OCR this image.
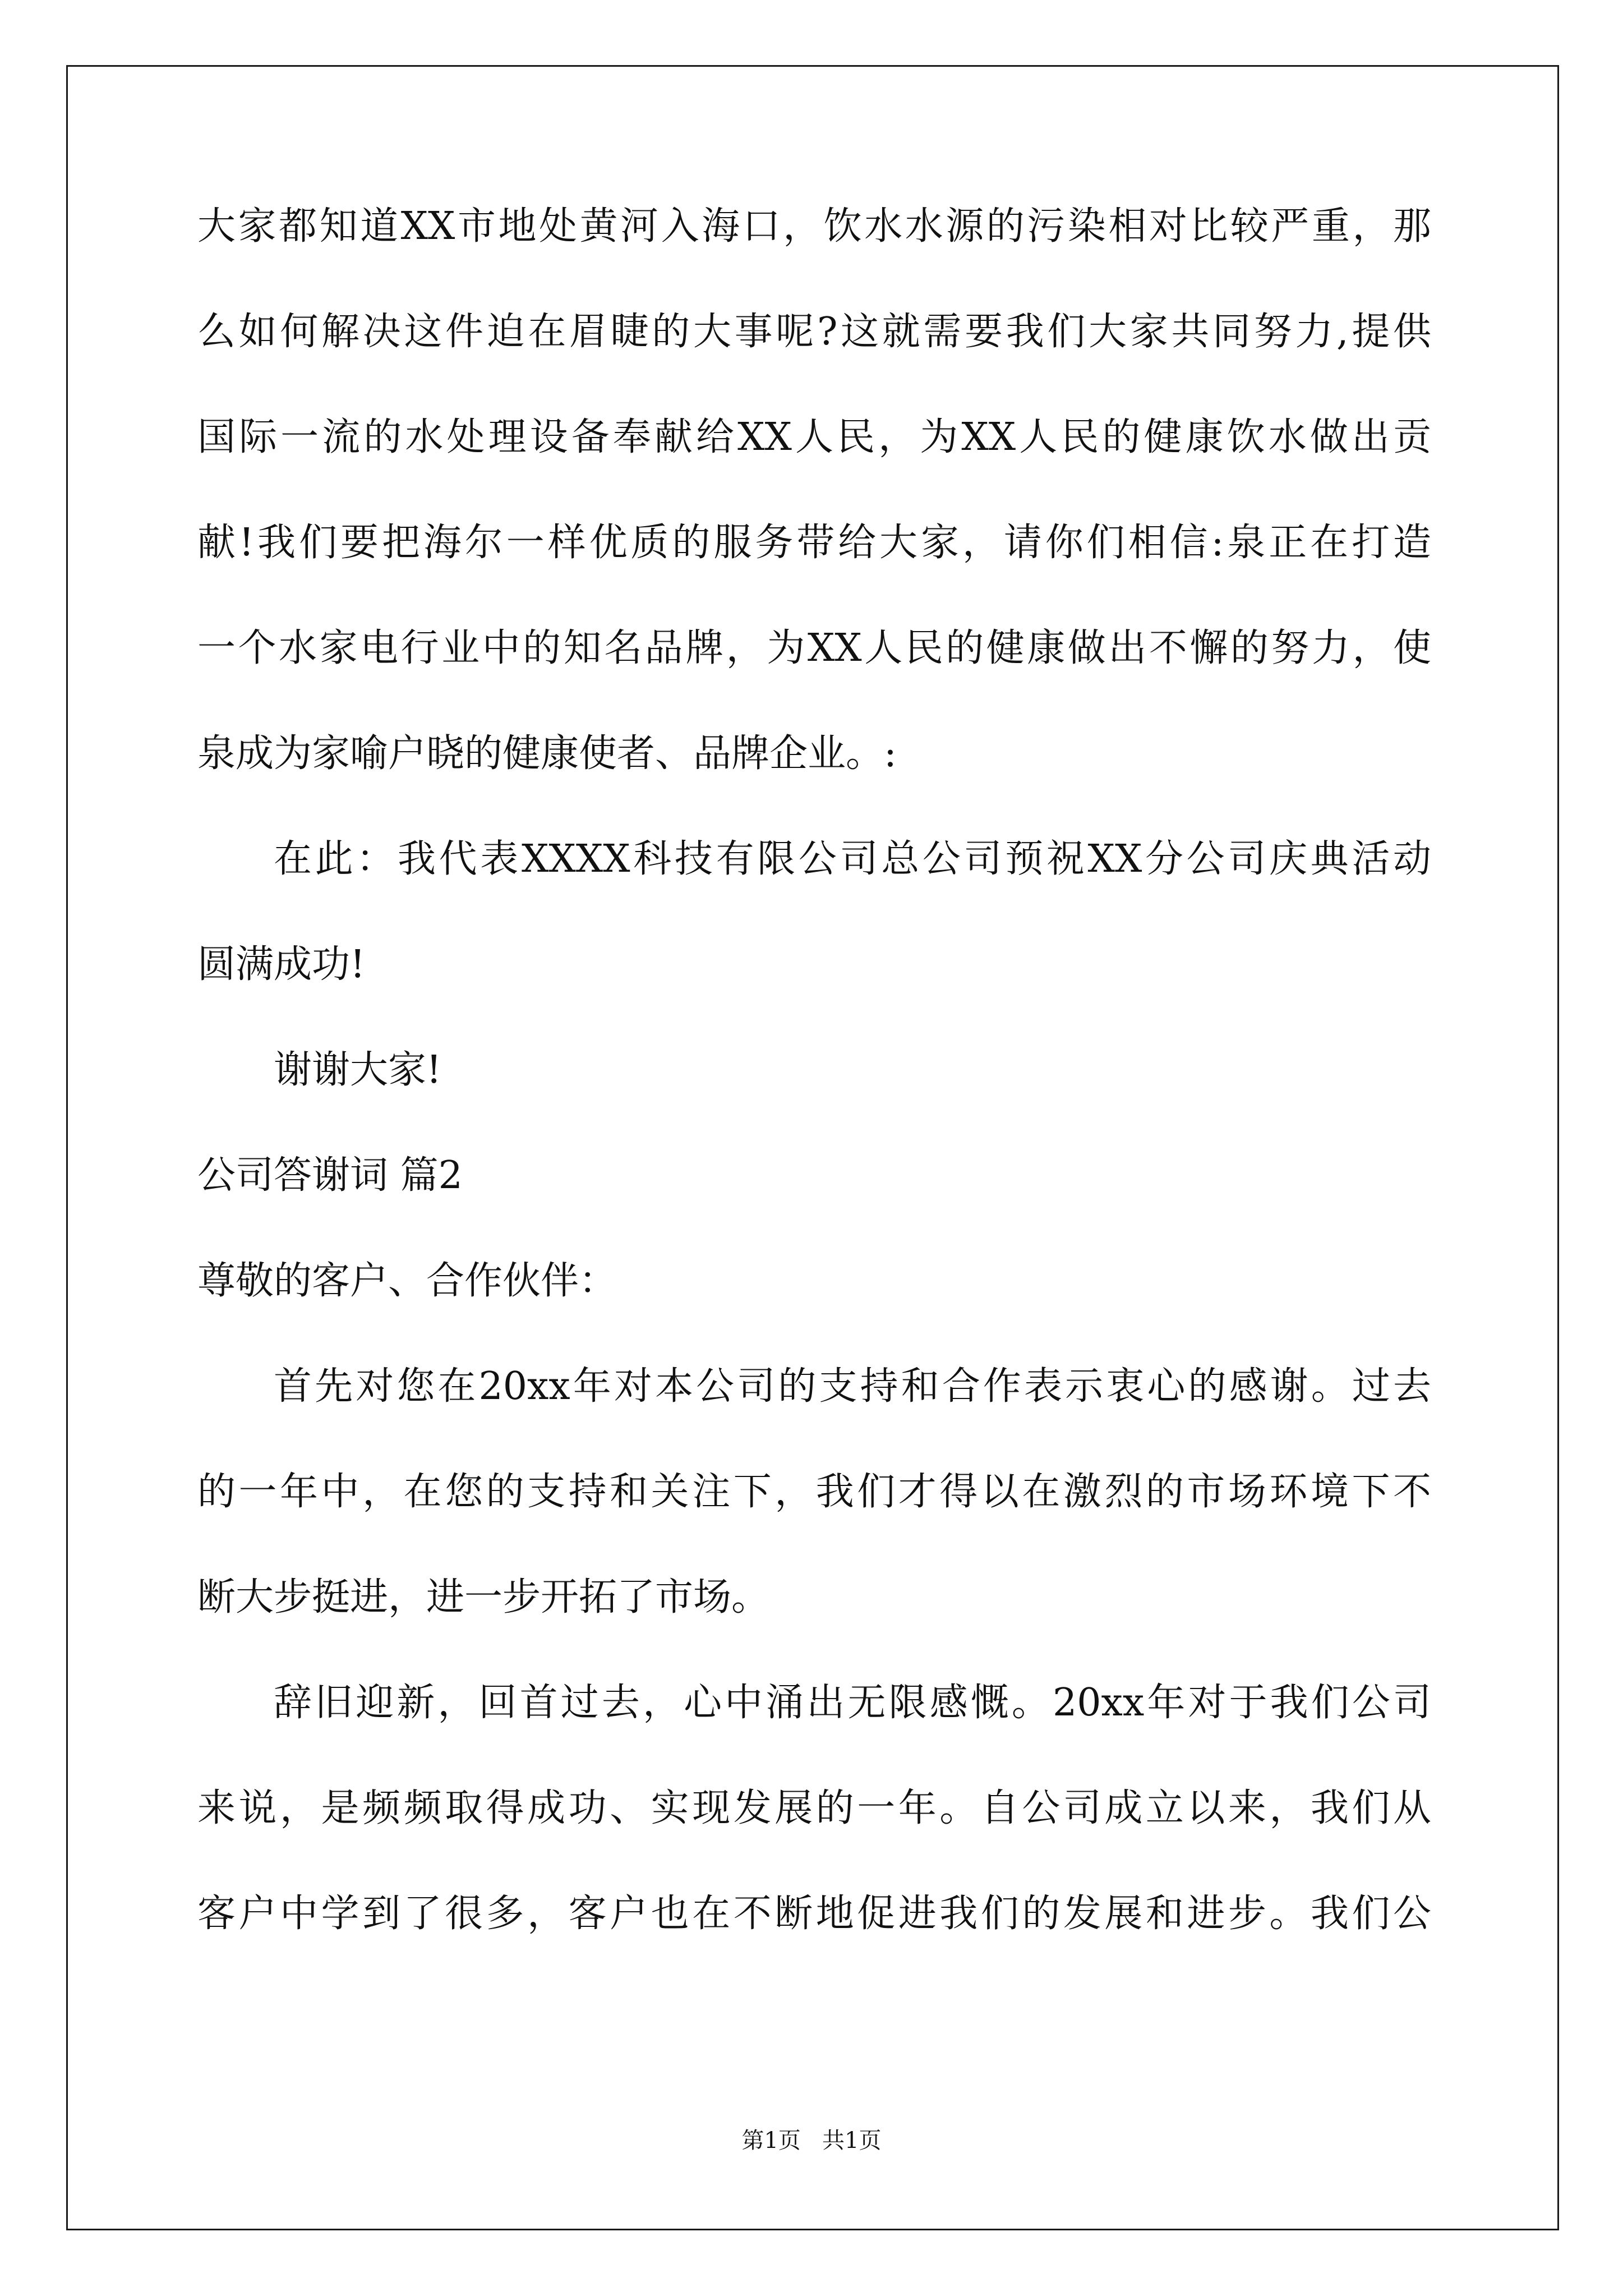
大家都知道XX市地处黄河入海口，饮水水源的污染相对比较严重，那
么如何解决这件迫在眉睫的大事呢?这就需要我们大家共同努力,提供
国际一流的水处理设备奉献给XX人民，为XX人民的健康饮水做出贡
献!我们要把海尔一样优质的服务带给大家，请你们相信:泉正在打造
一个水家电行业中的知名品牌，为XX人民的健康做出不懈的努力，使
泉成为家喻户晓的健康使者、品牌企业。:
在此：我代表XXXX科技有限公司总公司预祝XX分公司庆典活动
圆满成功!
谢谢大家!
公司答谢词 篇2
尊敬的客户、合作伙伴：
首先对您在20xx年对本公司的支持和合作表示衷心的感谢。过去
的一年中，在您的支持和关注下，我们才得以在激烈的市场环境下不
断大步挺进，进一步开拓了市场。
辞旧迎新，回首过去，心中涌出无限感慨。20xx年对于我们公司
来说，是频频取得成功、实现发展的一年。自公司成立以来，我们从
客户中学到了很多，客户也在不断地促进我们的发展和进步。我们公
第1页   共1页
